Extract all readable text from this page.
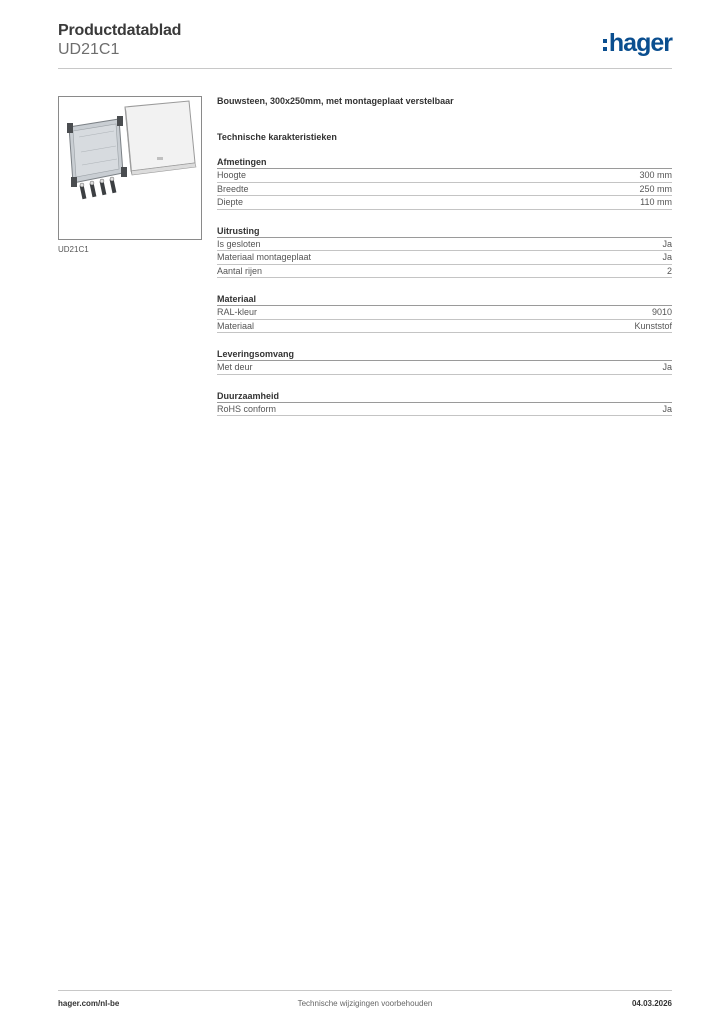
Productdatablad
UD21C1	hager
UD21C1
Bouwsteen, 300x250mm, met montageplaat verstelbaar
Technische karakteristieken
Afmetingen
Hoogte	300 mm
Breedte	250 mm
Diepte	110 mm
Uitrusting
Is gesloten	Ja
Materiaal montageplaat	Ja
Aantal rijen	2
Materiaal
RAL-kleur	9010
Materiaal	Kunststof
Leveringsomvang
Met deur	Ja
Duurzaamheid
RoHS conform	Ja
hager.com/nl-be	Technische wijzigingen voorbehouden	04.03.2026
